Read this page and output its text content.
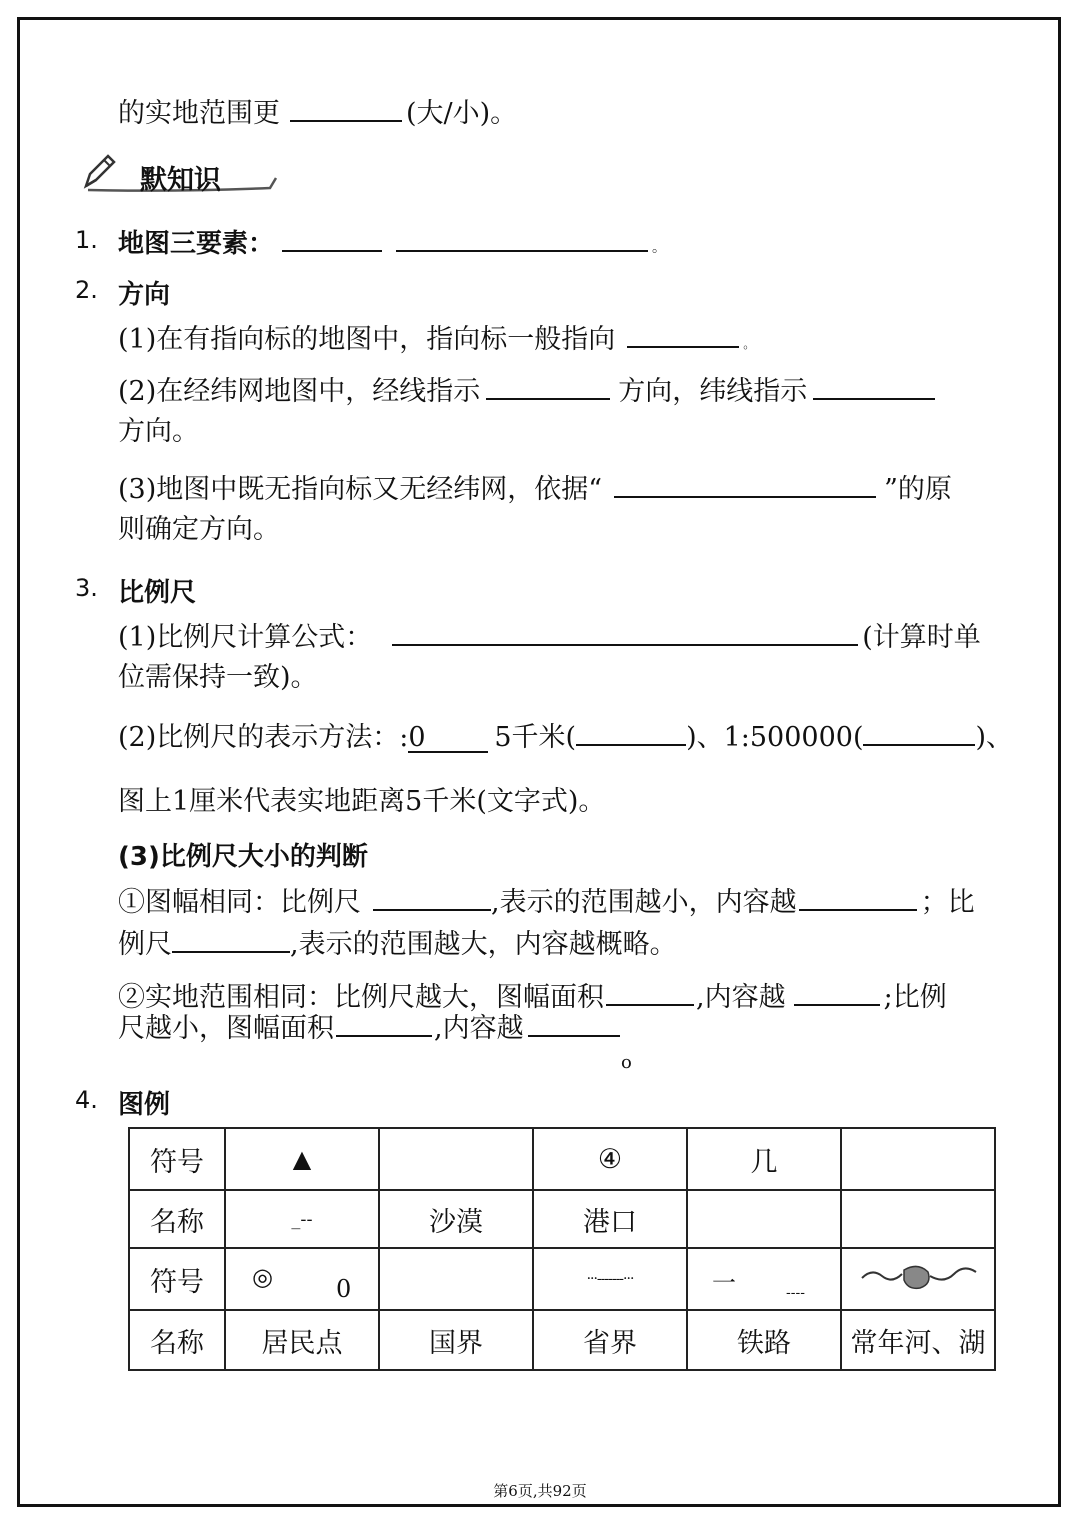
的实地范围更	(大/小)。
默知识
1. 地图三要素：	。
2. 方向
(1)在有指向标的地图中，指向标一般指向	。
(2)在经纬网地图中，经线指示	方向，纬线指示
方向。
(3)地图中既无指向标又无经纬网，依据“	”的原
则确定方向。
3. 比例尺
(1)比例尺计算公式：	(计算时单
位需保持一致)。
(2)比例尺的表示方法：:0	5千米(	)、1:500000(	)、
图上1厘米代表实地距离5千米(文字式)。
(3)比例尺大小的判断
①图幅相同：比例尺	,表示的范围越小，内容越	；比
例尺	,表示的范围越大，内容越概略。
②实地范围相同：比例尺越大，图幅面积	,内容越	;比例
尺越小，图幅面积	,内容越
o
4. 图例
符号	▲		④	几	
名称	_--	沙漠	港口		
符号	◎ 0		···-------···	一 ----

名称	居民点	国界	省界	铁路	常年河、湖
第6页,共92页
